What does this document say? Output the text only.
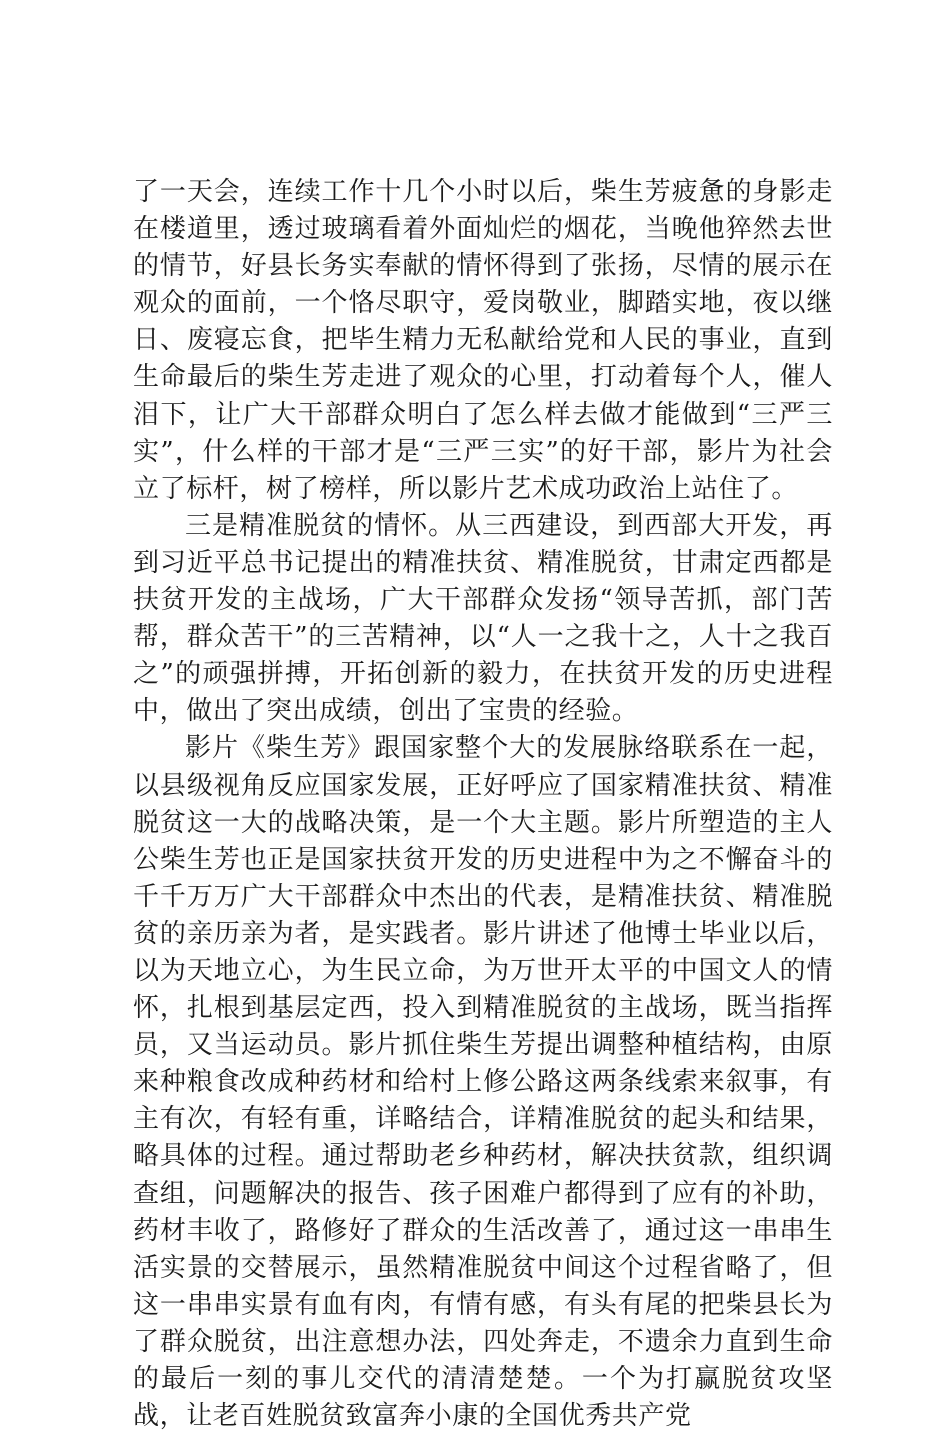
了一天会，连续工作十几个小时以后，柴生芳疲惫的身影走在楼道里，透过玻璃看着外面灿烂的烟花，当晚他猝然去世的情节，好县长务实奉献的情怀得到了张扬，尽情的展示在观众的面前，一个恪尽职守，爱岗敬业，脚踏实地，夜以继日、废寝忘食，把毕生精力无私献给党和人民的事业，直到生命最后的柴生芳走进了观众的心里，打动着每个人，催人泪下，让广大干部群众明白了怎么样去做才能做到“三严三实”，什么样的干部才是“三严三实”的好干部，影片为社会立了标杆，树了榜样，所以影片艺术成功政治上站住了。

三是精准脱贫的情怀。从三西建设，到西部大开发，再到习近平总书记提出的精准扶贫、精准脱贫，甘肃定西都是扶贫开发的主战场，广大干部群众发扬“领导苦抓，部门苦帮，群众苦干”的三苦精神，以“人一之我十之，人十之我百之”的顽强拼搏，开拓创新的毅力，在扶贫开发的历史进程中，做出了突出成绩，创出了宝贵的经验。

影片《柴生芳》跟国家整个大的发展脉络联系在一起，以县级视角反应国家发展，正好呼应了国家精准扶贫、精准脱贫这一大的战略决策，是一个大主题。影片所塑造的主人公柴生芳也正是国家扶贫开发的历史进程中为之不懈奋斗的千千万万广大干部群众中杰出的代表，是精准扶贫、精准脱贫的亲历亲为者，是实践者。影片讲述了他博士毕业以后，以为天地立心，为生民立命，为万世开太平的中国文人的情怀，扎根到基层定西，投入到精准脱贫的主战场，既当指挥员，又当运动员。影片抓住柴生芳提出调整种植结构，由原来种粮食改成种药材和给村上修公路这两条线索来叙事，有主有次，有轻有重，详略结合，详精准脱贫的起头和结果，略具体的过程。通过帮助老乡种药材，解决扶贫款，组织调查组，问题解决的报告、孩子困难户都得到了应有的补助，药材丰收了，路修好了群众的生活改善了，通过这一串串生活实景的交替展示，虽然精准脱贫中间这个过程省略了，但这一串串实景有血有肉，有情有感，有头有尾的把柴县长为了群众脱贫，出注意想办法，四处奔走，不遗余力直到生命的最后一刻的事儿交代的清清楚楚。一个为打赢脱贫攻坚战，让老百姓脱贫致富奔小康的全国优秀共产党
